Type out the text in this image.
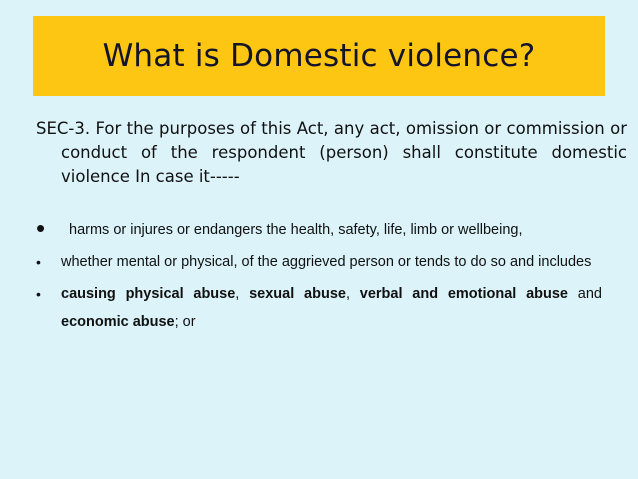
What is Domestic violence?
SEC-3. For the purposes of this Act, any act, omission or commission or conduct of the respondent (person) shall constitute domestic violence In case it-----
• harms or injures or endangers the health, safety, life, limb or wellbeing,
• whether mental or physical, of the aggrieved person or tends to do so and includes
• causing physical abuse, sexual abuse, verbal and emotional abuse and economic abuse; or
